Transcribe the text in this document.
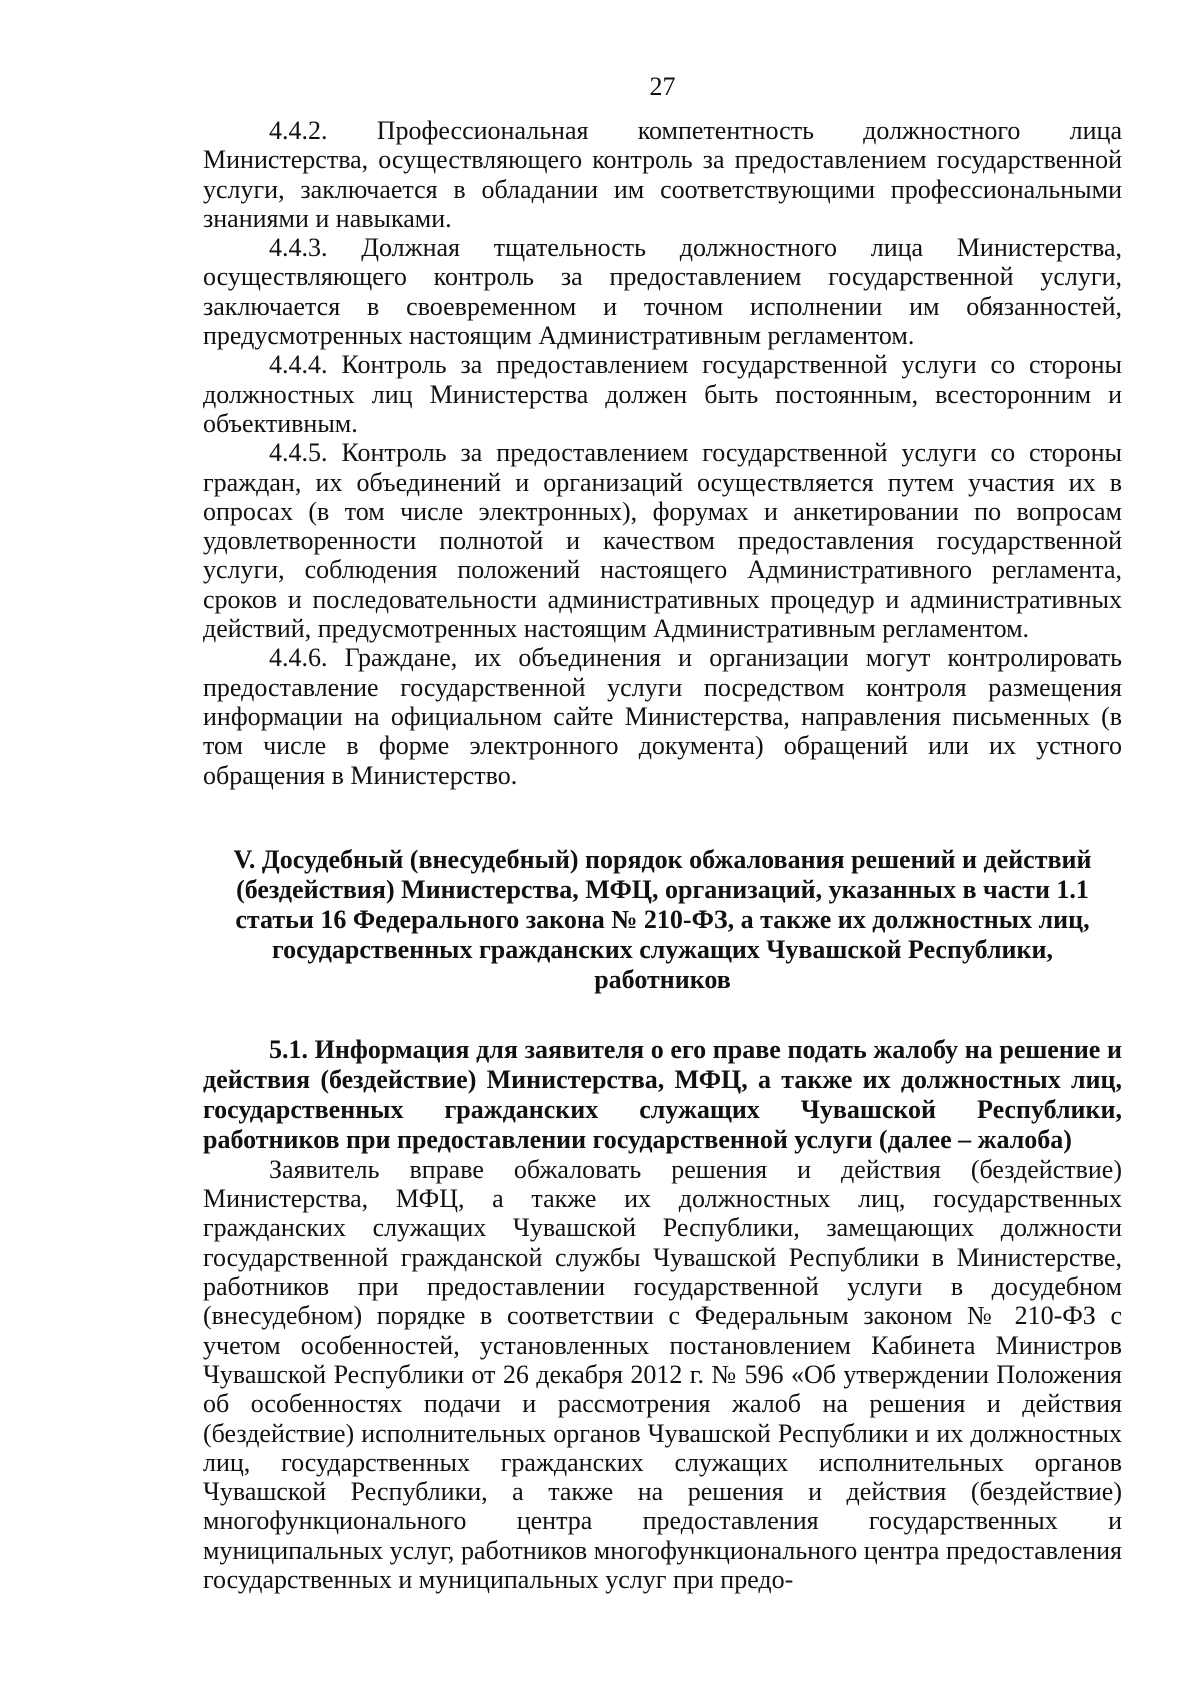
27

4.4.2. Профессиональная компетентность должностного лица Министерства, осуществляющего контроль за предоставлением государственной услуги, заключается в обладании им соответствующими профессиональными знаниями и навыками.

4.4.3. Должная тщательность должностного лица Министерства, осуществляющего контроль за предоставлением государственной услуги, заключается в своевременном и точном исполнении им обязанностей, предусмотренных настоящим Административным регламентом.

4.4.4. Контроль за предоставлением государственной услуги со стороны должностных лиц Министерства должен быть постоянным, всесторонним и объективным.

4.4.5. Контроль за предоставлением государственной услуги со стороны граждан, их объединений и организаций осуществляется путем участия их в опросах (в том числе электронных), форумах и анкетировании по вопросам удовлетворенности полнотой и качеством предоставления государственной услуги, соблюдения положений настоящего Административного регламента, сроков и последовательности административных процедур и административных действий, предусмотренных настоящим Административным регламентом.

4.4.6. Граждане, их объединения и организации могут контролировать предоставление государственной услуги посредством контроля размещения информации на официальном сайте Министерства, направления письменных (в том числе в форме электронного документа) обращений или их устного обращения в Министерство.

V. Досудебный (внесудебный) порядок обжалования решений и действий (бездействия) Министерства, МФЦ, организаций, указанных в части 1.1 статьи 16 Федерального закона № 210-ФЗ, а также их должностных лиц, государственных гражданских служащих Чувашской Республики, работников
5.1. Информация для заявителя о его праве подать жалобу на решение и действия (бездействие) Министерства, МФЦ, а также их должностных лиц, государственных гражданских служащих Чувашской Республики, работников при предоставлении государственной услуги (далее – жалоба)

Заявитель вправе обжаловать решения и действия (бездействие) Министерства, МФЦ, а также их должностных лиц, государственных гражданских служащих Чувашской Республики, замещающих должности государственной гражданской службы Чувашской Республики в Министерстве, работников при предоставлении государственной услуги в досудебном (внесудебном) порядке в соответствии с Федеральным законом № 210-ФЗ с учетом особенностей, установленных постановлением Кабинета Министров Чувашской Республики от 26 декабря 2012 г. № 596 «Об утверждении Положения об особенностях подачи и рассмотрения жалоб на решения и действия (бездействие) исполнительных органов Чувашской Республики и их должностных лиц, государственных гражданских служащих исполнительных органов Чувашской Республики, а также на решения и действия (бездействие) многофункционального центра предоставления государственных и муниципальных услуг, работников многофункционального центра предоставления государственных и муниципальных услуг при предо-
